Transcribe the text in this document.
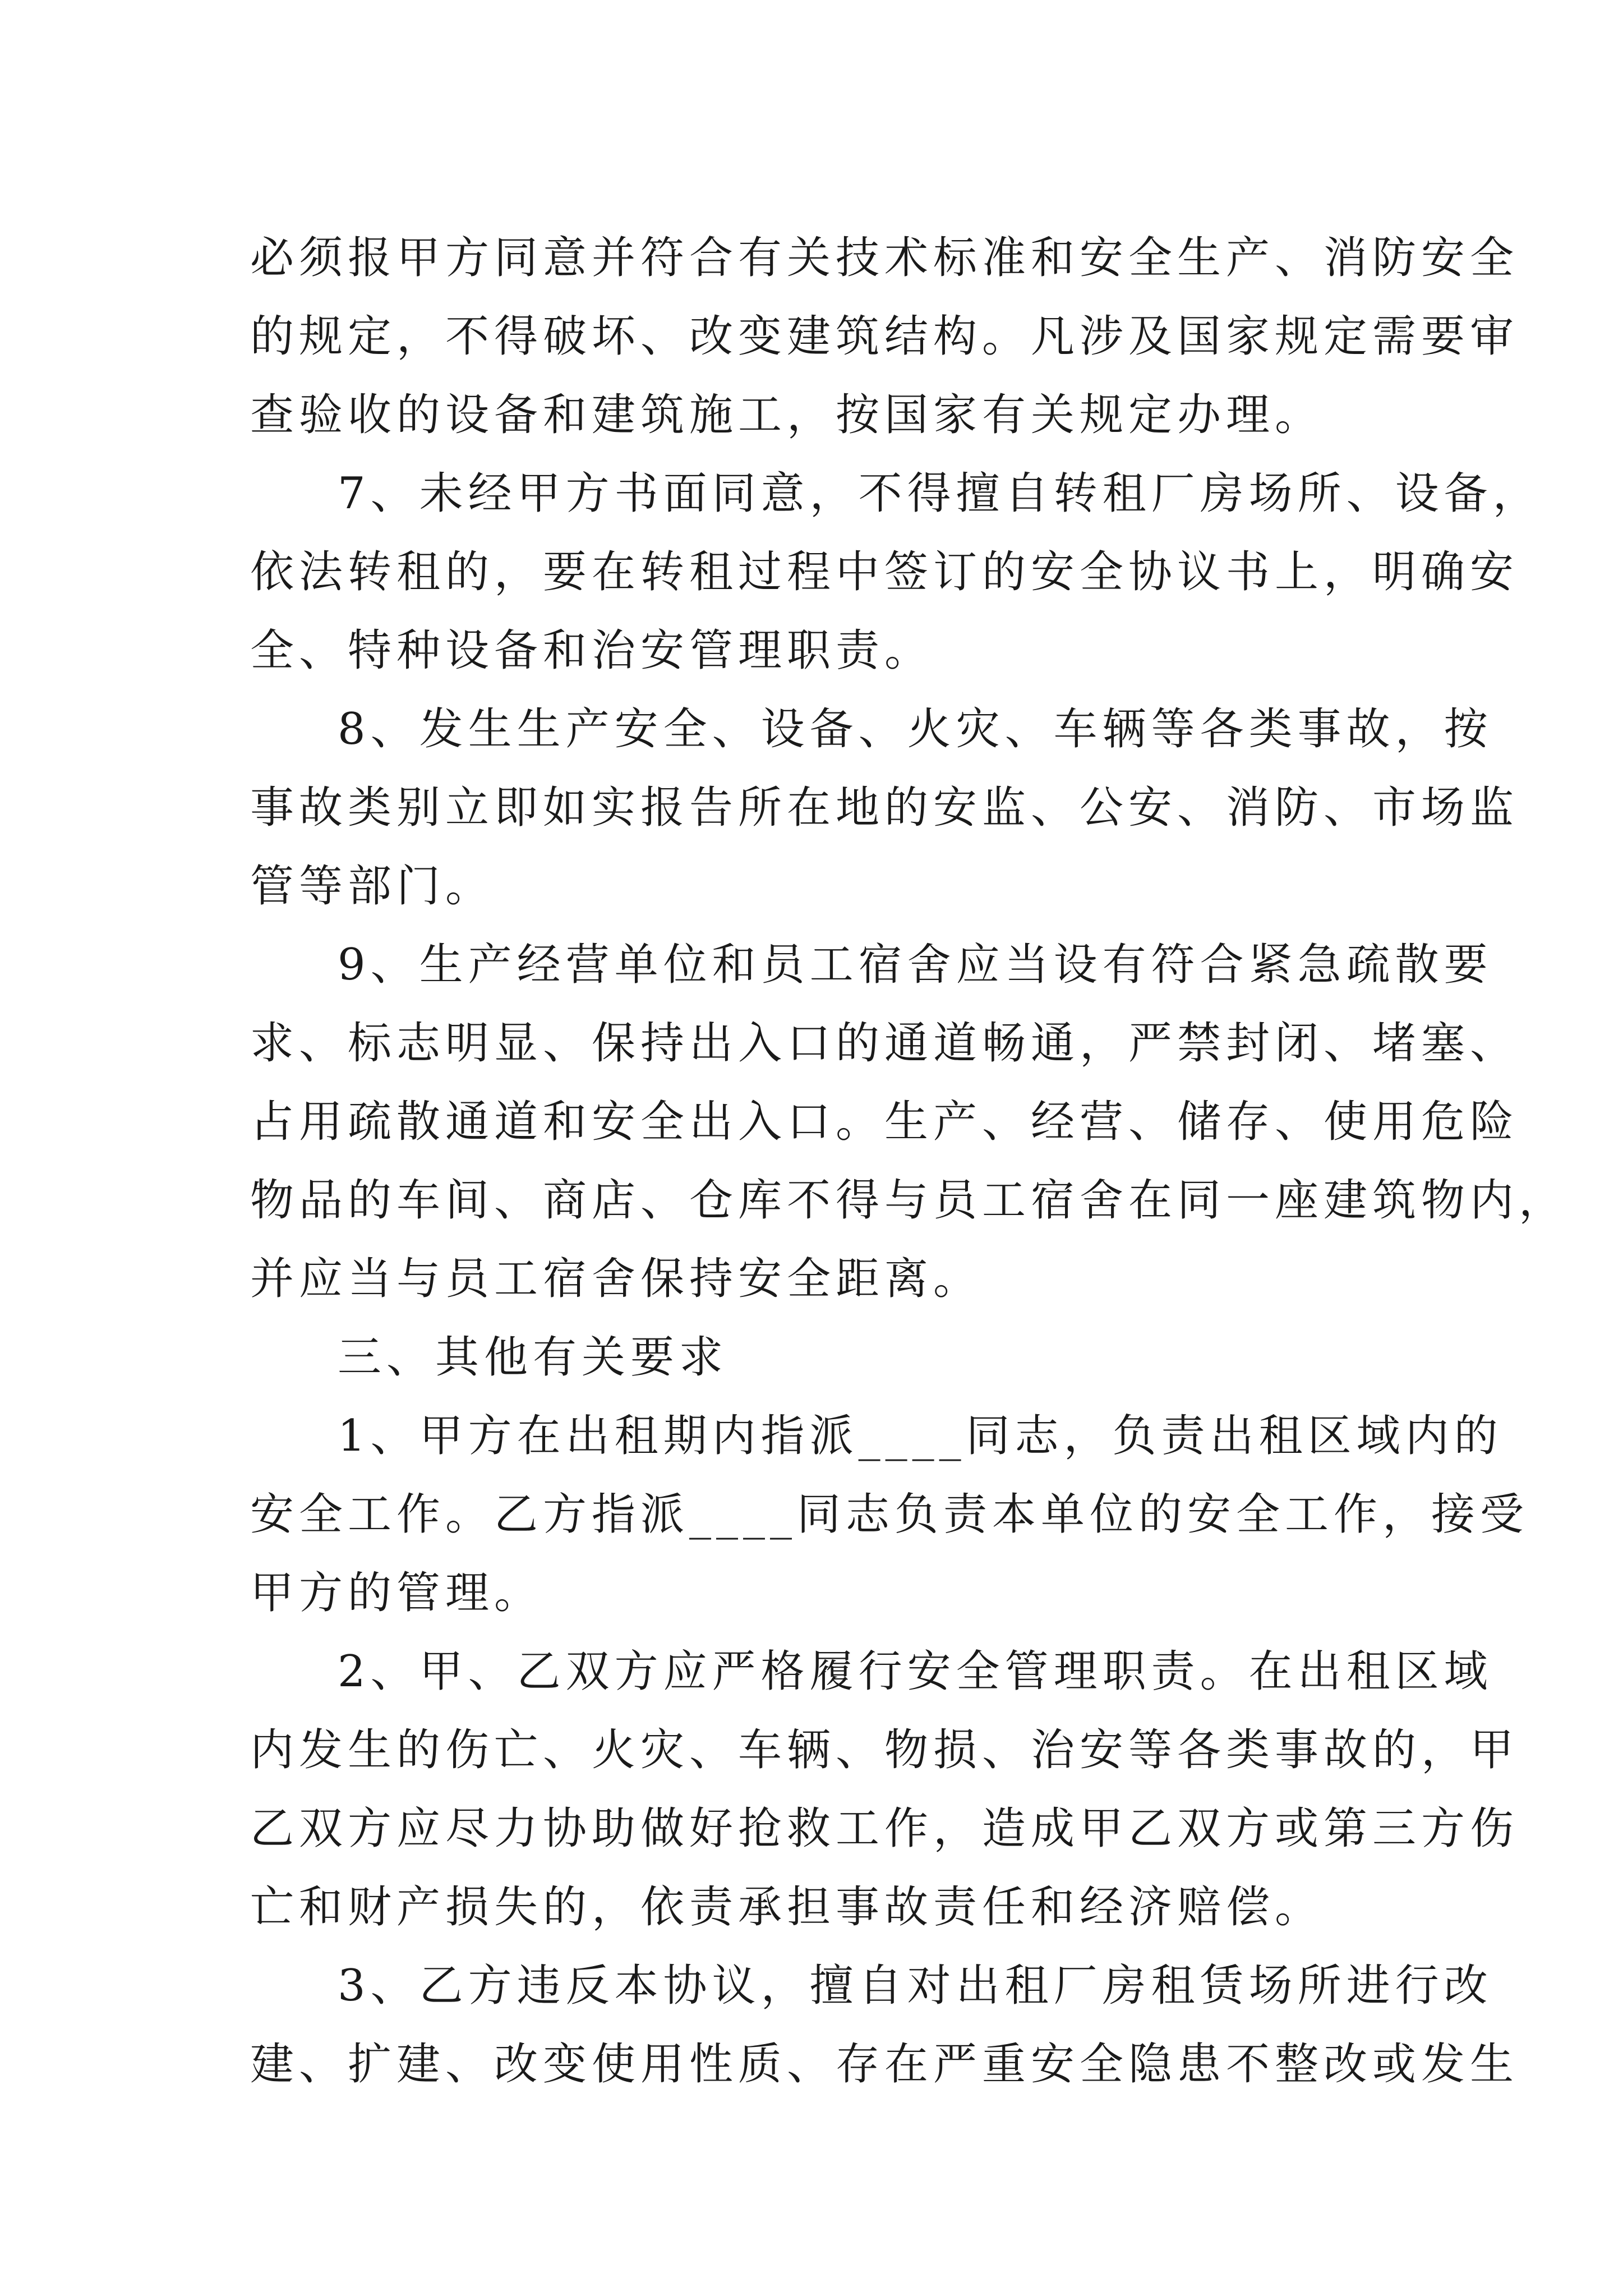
必须报甲方同意并符合有关技术标准和安全生产、消防安全
的规定，不得破坏、改变建筑结构。凡涉及国家规定需要审
查验收的设备和建筑施工，按国家有关规定办理。
7、未经甲方书面同意，不得擅自转租厂房场所、设备，
依法转租的，要在转租过程中签订的安全协议书上，明确安
全、特种设备和治安管理职责。
8、发生生产安全、设备、火灾、车辆等各类事故，按
事故类别立即如实报告所在地的安监、公安、消防、市场监
管等部门。
9、生产经营单位和员工宿舍应当设有符合紧急疏散要
求、标志明显、保持出入口的通道畅通，严禁封闭、堵塞、
占用疏散通道和安全出入口。生产、经营、储存、使用危险
物品的车间、商店、仓库不得与员工宿舍在同一座建筑物内，
并应当与员工宿舍保持安全距离。
三、其他有关要求
1、甲方在出租期内指派____同志，负责出租区域内的
安全工作。乙方指派____同志负责本单位的安全工作，接受
甲方的管理。
2、甲、乙双方应严格履行安全管理职责。在出租区域
内发生的伤亡、火灾、车辆、物损、治安等各类事故的，甲
乙双方应尽力协助做好抢救工作，造成甲乙双方或第三方伤
亡和财产损失的，依责承担事故责任和经济赔偿。
3、乙方违反本协议，擅自对出租厂房租赁场所进行改
建、扩建、改变使用性质、存在严重安全隐患不整改或发生
